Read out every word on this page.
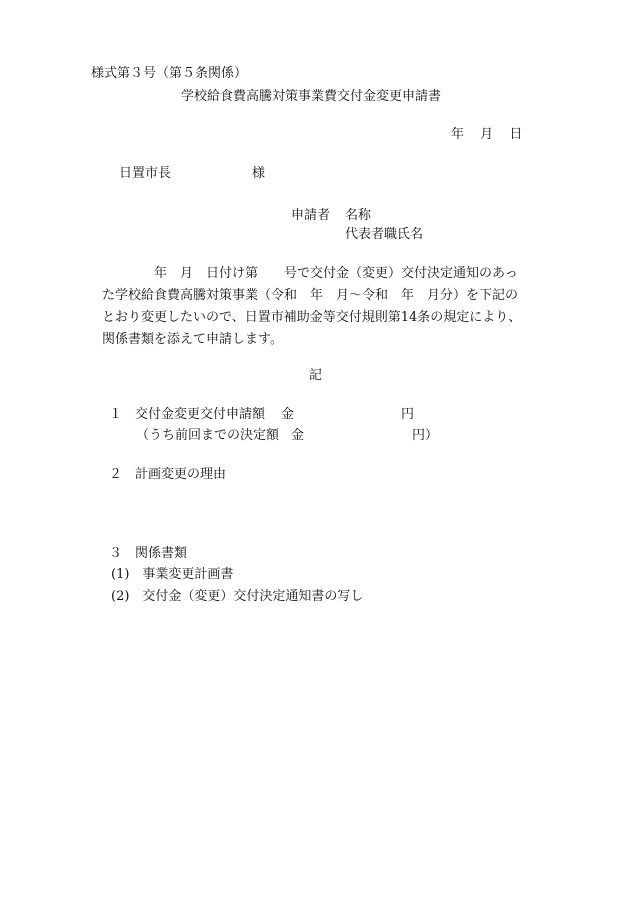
様式第３号（第５条関係）
学校給食費高騰対策事業費交付金変更申請書
年 月 日
日置市長	様
申請者 名称
代表者職氏名
　　　　年　月　日付け第　　号で交付金（変更）交付決定通知のあっ
た学校給食費高騰対策事業（令和　年　月～令和　年　月分）を下記の
とおり変更したいので、日置市補助金等交付規則第14条の規定により、
関係書類を添えて申請します。
記
１　交付金変更交付申請額 金	円
（うち前回までの決定額 金	円）
２　計画変更の理由
３　関係書類
(1)　事業変更計画書
(2)　交付金（変更）交付決定通知書の写し
